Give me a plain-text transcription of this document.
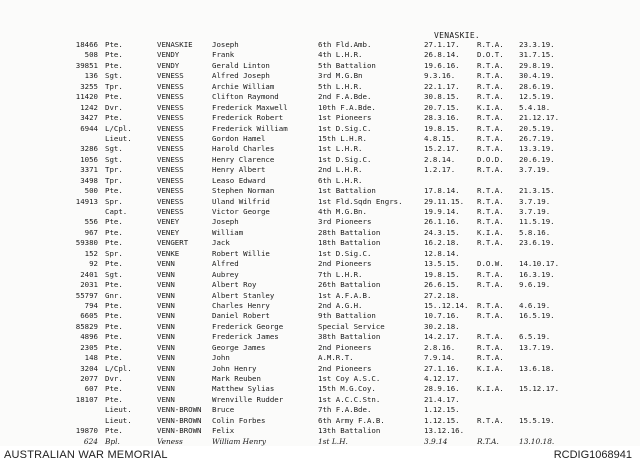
VENASKIE.
18466 Pte.	VENASKIE	Joseph	6th Fld.Amb.	27.1.17. R.T.A. 23.3.19.
508 Pte.	VENDY	Frank	4th L.H.R.	26.8.14. D.O.T. 31.7.15.
39851 Pte.	VENDY	Gerald Linton	5th Battalion	19.6.16. R.T.A. 29.8.19.
136 Sgt.	VENESS	Alfred Joseph	3rd M.G.Bn	9.3.16.	R.T.A. 30.4.19.
3255 Tpr.	VENESS	Archie William	5th L.H.R.	22.1.17. R.T.A. 28.6.19.
11420 Pte.	VENESS	Clifton Raymond	2nd F.A.Bde.	30.8.15. R.T.A. 12.5.19.
1242 Dvr.	VENESS	Frederick Maxwell	10th F.A.Bde.	20.7.15. K.I.A. 5.4.18.
3427 Pte.	VENESS	Frederick Robert	1st Pioneers	28.3.16. R.T.A. 21.12.17.
6944 L/Cpl.	VENESS	Frederick William	1st D.Sig.C.	19.8.15. R.T.A. 20.5.19.
Lieut.	VENESS	Gordon Hamel	15th L.H.R.	4.8.15.	R.T.A. 26.7.19.
3286 Sgt.	VENESS	Harold Charles	1st L.H.R.	15.2.17. R.T.A. 13.3.19.
1056 Sgt.	VENESS	Henry Clarence	1st D.Sig.C.	2.8.14.	D.O.D. 20.6.19.
3371 Tpr.	VENESS	Henry Albert	2nd L.H.R.	1.2.17.	R.T.A. 3.7.19.
3498 Tpr.	VENESS	Leaso Edward	6th L.H.R.
500 Pte.	VENESS	Stephen Norman	1st Battalion	17.8.14. R.T.A. 21.3.15.
14913 Spr.	VENESS	Uland Wilfrid	1st Fld.Sqdn Engrs.	29.11.15. R.T.A. 3.7.19.
Capt.	VENESS	Victor George	4th M.G.Bn.	19.9.14. R.T.A. 3.7.19.
556 Pte.	VENEY	Joseph	3rd Pioneers	26.1.16. R.T.A. 11.5.19.
967 Pte.	VENEY	William	28th Battalion	24.3.15. K.I.A. 5.8.16.
59380 Pte.	VENGERT	Jack	18th Battalion	16.2.18. R.T.A. 23.6.19.
152 Spr.	VENKE	Robert Willie	1st D.Sig.C.	12.8.14.
92 Pte.	VENN	Alfred	2nd Pioneers	13.5.15. D.O.W. 14.10.17.
2401 Sgt.	VENN	Aubrey	7th L.H.R.	19.8.15. R.T.A. 16.3.19.
2031 Pte.	VENN	Albert Roy	26th Battalion	26.6.15. R.T.A. 9.6.19.
55797 Gnr.	VENN	Albert Stanley	1st A.F.A.B.	27.2.18.
794 Pte.	VENN	Charles Henry	2nd A.G.H.	15..12.14. R.T.A. 4.6.19.
6605 Pte.	VENN	Daniel Robert	9th Battalion	10.7.16. R.T.A. 16.5.19.
85829 Pte.	VENN	Frederick George	Special Service	30.2.18.
4896 Pte.	VENN	Frederick James	38th Battalion	14.2.17. R.T.A. 6.5.19.
2305 Pte.	VENN	George James	2nd Pioneers	2.8.16.	R.T.A. 13.7.19.
148 Pte.	VENN	John	A.M.R.T.	7.9.14.	R.T.A.
3204 L/Cpl.	VENN	John Henry	2nd Pioneers	27.1.16. K.I.A. 13.6.18.
2077 Dvr.	VENN	Mark Reuben	1st Coy A.S.C.	4.12.17.
607 Pte.	VENN	Matthew Sylias	15th M.G.Coy.	28.9.16. K.I.A. 15.12.17.
18107 Pte.	VENN	Wrenville Rudder	1st A.C.C.Stn.	21.4.17.
Lieut.	VENN-BROWN Bruce	7th F.A.Bde.	1.12.15.
Lieut.	VENN-BROWN Colin Forbes	6th Army F.A.B.	1.12.15. R.T.A. 15.5.19.
19870 Pte.	VENN-BROWN Felix	13th Battalion	13.12.16.
624 Bpl.	Veness	William Henry	1st L.H.	3.9.14	R.T.A.	13.10.18.
AUSTRALIAN WAR MEMORIAL	RCDIG1068941
